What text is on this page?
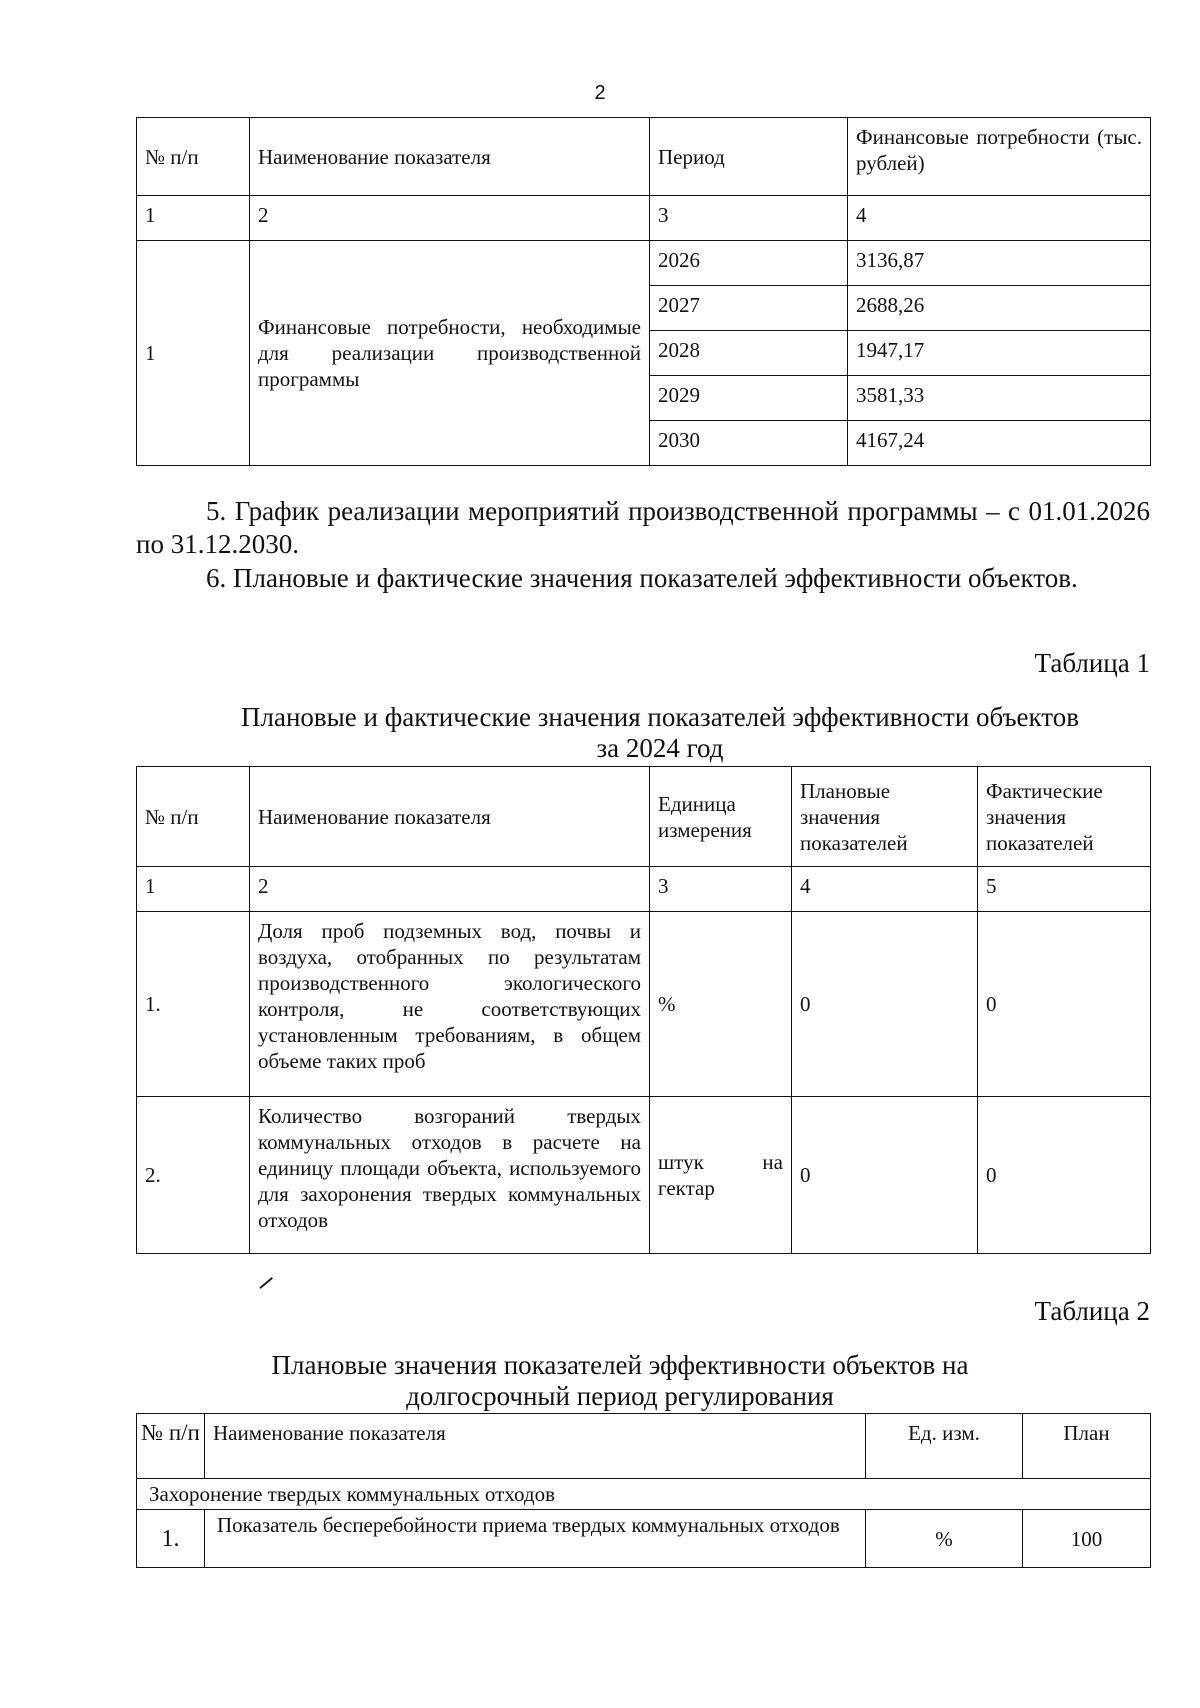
2
№ п/п	Наименование показателя	Период	Финансовые потребности (тыс. рублей)
1	2	3	4
1	Финансовые потребности, необходимые для реализации производственной программы	2026	3136,87
		2027	2688,26
		2028	1947,17
		2029	3581,33
		2030	4167,24
5. График реализации мероприятий производственной программы – с 01.01.2026 по 31.12.2030.
6. Плановые и фактические значения показателей эффективности объектов.
Таблица 1
Плановые и фактические значения показателей эффективности объектов
за 2024 год
№ п/п	Наименование показателя	Единица измерения	Плановые значения показателей	Фактические значения показателей
1	2	3	4	5
1.	Доля проб подземных вод, почвы и воздуха, отобранных по результатам производственного экологического контроля, не соответствующих установленным требованиям, в общем объеме таких проб	%	0	0
2.	Количество возгораний твердых коммунальных отходов в расчете на единицу площади объекта, используемого для захоронения твердых коммунальных отходов	штук на гектар	0	0
Таблица 2
Плановые значения показателей эффективности объектов на
долгосрочный период регулирования
№ п/п	Наименование показателя	Ед. изм.	План
Захоронение твердых коммунальных отходов			
1.	Показатель бесперебойности приема твердых коммунальных отходов	%	100
